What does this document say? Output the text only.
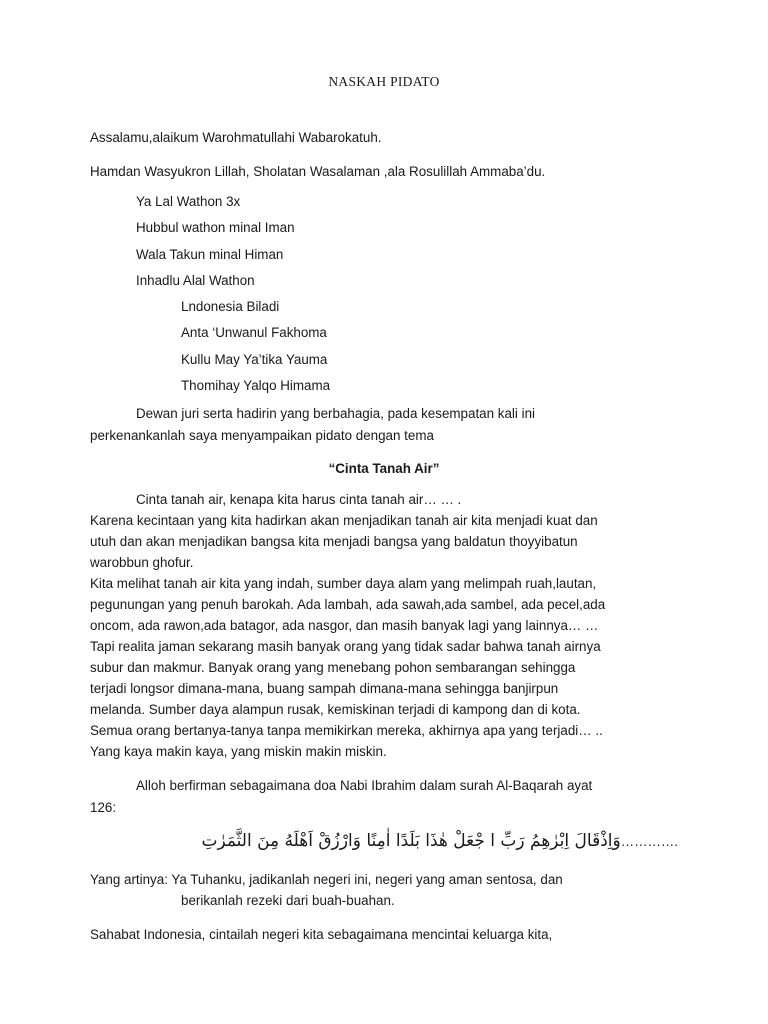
NASKAH PIDATO
Assalamu,alaikum Warohmatullahi Wabarokatuh.
Hamdan Wasyukron Lillah, Sholatan Wasalaman ,ala Rosulillah Ammaba’du.
Ya Lal Wathon 3x
Hubbul wathon minal Iman
Wala Takun minal Himan
Inhadlu Alal Wathon
Lndonesia Biladi
Anta ‘Unwanul Fakhoma
Kullu May Ya’tika Yauma
Thomihay Yalqo Himama
Dewan juri serta hadirin yang berbahagia, pada kesempatan kali ini
perkenankanlah saya menyampaikan pidato dengan tema
“Cinta Tanah Air”
Cinta tanah air, kenapa kita harus cinta tanah air… … .
Karena kecintaan yang kita hadirkan akan menjadikan tanah air kita menjadi kuat dan
utuh dan akan menjadikan bangsa kita menjadi bangsa yang baldatun thoyyibatun
warobbun ghofur.
Kita melihat tanah air kita yang indah, sumber daya alam yang melimpah ruah,lautan,
pegunungan yang penuh barokah. Ada lambah, ada sawah,ada sambel, ada pecel,ada
oncom, ada rawon,ada batagor, ada nasgor, dan masih banyak lagi yang lainnya… …
Tapi realita jaman sekarang masih banyak orang yang tidak sadar bahwa tanah airnya
subur dan makmur. Banyak orang yang menebang pohon sembarangan sehingga
terjadi longsor dimana-mana, buang sampah dimana-mana sehingga banjirpun
melanda. Sumber daya alampun rusak, kemiskinan terjadi di kampong dan di kota.
Semua orang bertanya-tanya tanpa memikirkan mereka, akhirnya apa yang terjadi… ..
Yang kaya makin kaya, yang miskin makin miskin.
Alloh berfirman sebagaimana doa Nabi Ibrahim dalam surah Al-Baqarah ayat
126:
وَاِذْقَالَ اِبْرٰهِمُ رَبِّ ا جْعَلْ هٰذَا بَلَدًا اٰمِنًا وَارْزُقْ اَهْلَهُ مِنَ الثَّمَرٰتِ………….
Yang artinya: Ya Tuhanku, jadikanlah negeri ini, negeri yang aman sentosa, dan
berikanlah rezeki dari buah-buahan.
Sahabat Indonesia, cintailah negeri kita sebagaimana mencintai keluarga kita,
